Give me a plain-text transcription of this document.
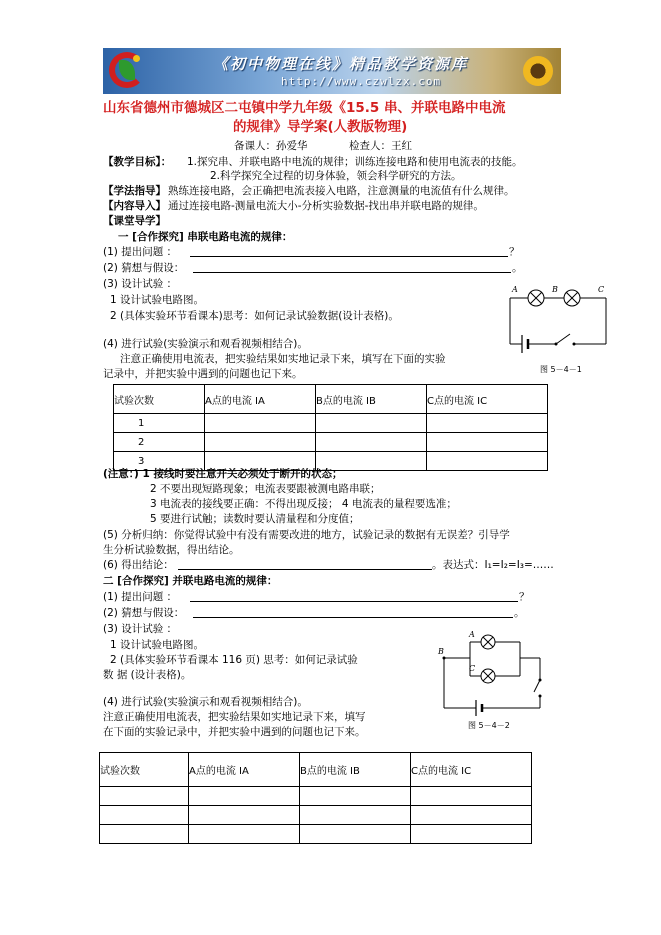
《初中物理在线》精品教学资源库
http://www.czwlzx.com
山东省德州市德城区二屯镇中学九年级《15.5 串、并联电路中电流
的规律》导学案(人教版物理)
备课人：孙爱华	检查人：王红
【教学目标】： 1.探究串、并联电路中电流的规律；训练连接电路和使用电流表的技能。
2.科学探究全过程的切身体验，领会科学研究的方法。
【学法指导】 熟练连接电路，会正确把电流表接入电路，注意测量的电流值有什么规律。
【内容导入】 通过连接电路-测量电流大小-分析实验数据-找出串并联电路的规律。
【课堂导学】
一 [合作探究] 串联电路电流的规律：
(1) 提出问题 ：	？
(2) 猜想与假设：	。
(3) 设计试验 ：
1 设计试验电路图。
2 (具体实验环节看课本)思考：如何记录试验数据(设计表格)。
(4) 进行试验(实验演示和观看视频相结合)。
注意正确使用电流表，把实验结果如实地记录下来，填写在下面的实验
记录中，并把实验中遇到的问题也记下来。
A	B	C
图 5－4－1
试验次数	A点的电流 IA	B点的电流 IB	C点的电流 IC
1			
2			
3			
(注意：) 1 接线时要注意开关必须处于断开的状态；
2 不要出现短路现象；电流表要跟被测电路串联；
3 电流表的接线要正确：不得出现反接； 4 电流表的量程要选准；
5 要进行试触；读数时要认清量程和分度值；
(5) 分析归纳：你觉得试验中有没有需要改进的地方，试验记录的数据有无误差？引导学
生分析试验数据，得出结论。
(6) 得出结论：	。表达式：I₁=I₂=I₃=……
二 [合作探究] 并联电路电流的规律：
(1) 提出问题 ：	？
(2) 猜想与假设：	。
(3) 设计试验 ：
1 设计试验电路图。
2 (具体实验环节看课本 116 页) 思考：如何记录试验
数 据 (设计表格)。
(4) 进行试验(实验演示和观看视频相结合)。
注意正确使用电流表，把实验结果如实地记录下来，填写
在下面的实验记录中，并把实验中遇到的问题也记下来。
A
B
C
图 5－4－2
试验次数	A点的电流 IA	B点的电流 IB	C点的电流 IC
